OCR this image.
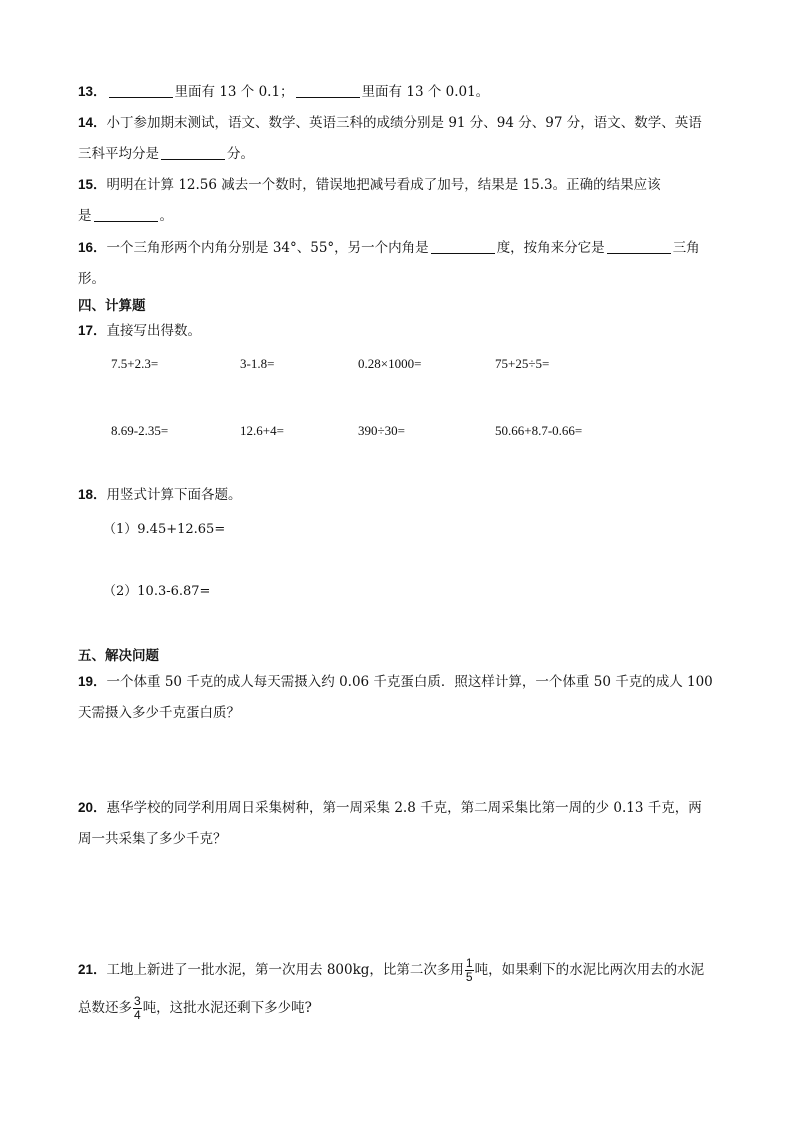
13．	里面有 13 个 0.1；	里面有 13 个 0.01。
14．小丁参加期末测试，语文、数学、英语三科的成绩分别是 91 分、94 分、97 分，语文、数学、英语
三科平均分是	分。
15．明明在计算 12.56 减去一个数时，错误地把减号看成了加号，结果是 15.3。正确的结果应该
是	。
16．一个三角形两个内角分别是 34°、55°，另一个内角是	度，按角来分它是	三角
形。
四、计算题
17．直接写出得数。
7.5+2.3=	3-1.8=	0.28×1000=	75+25÷5=
8.69-2.35=	12.6+4=	390÷30=	50.66+8.7-0.66=
18．用竖式计算下面各题。
（1）9.45+12.65=
（2）10.3-6.87=
五、解决问题
19．一个体重 50 千克的成人每天需摄入约 0.06 千克蛋白质．照这样计算，一个体重 50 千克的成人 100
天需摄入多少千克蛋白质？
20．惠华学校的同学利用周日采集树种，第一周采集 2.8 千克，第二周采集比第一周的少 0.13 千克，两
周一共采集了多少千克？
21．工地上新进了一批水泥，第一次用去 800kg，比第二次多用 $\frac{1}{5}$ 吨，如果剩下的水泥比两次用去的水泥
总数还多 $\frac{3}{4}$ 吨，这批水泥还剩下多少吨?
